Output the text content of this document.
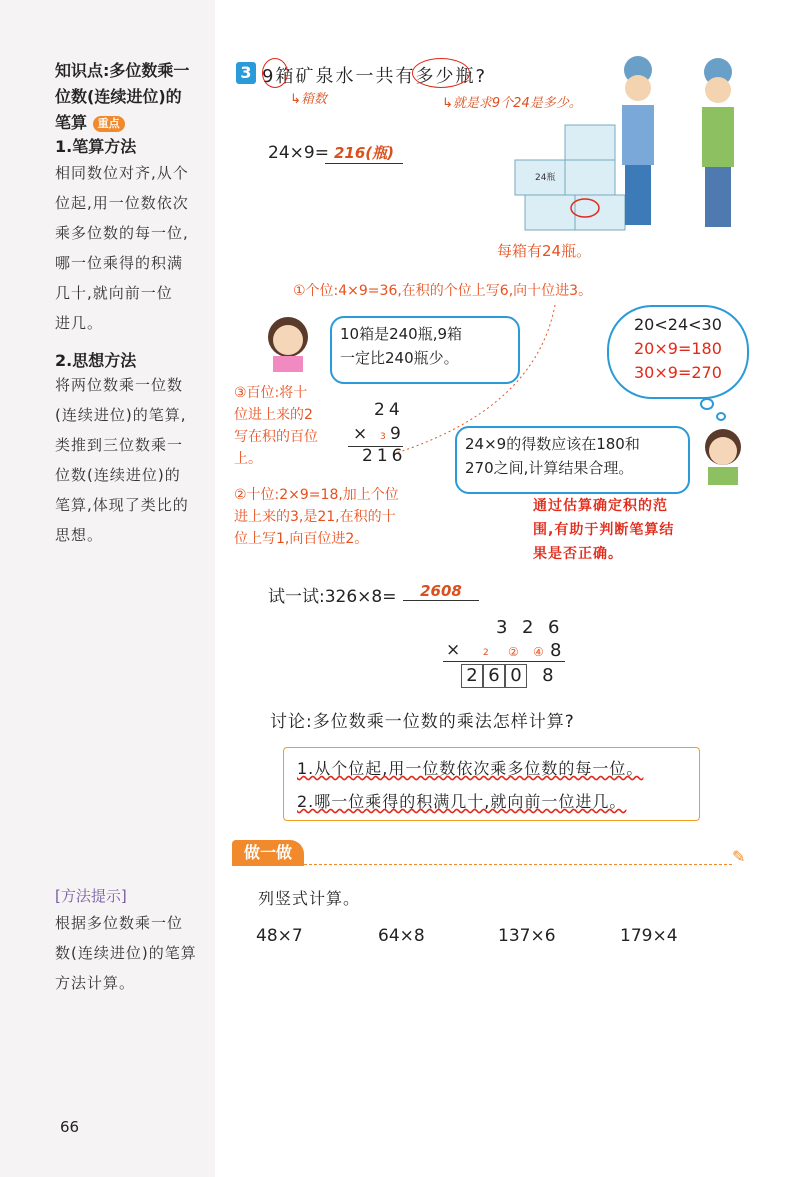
知识点:多位数乘一
位数(连续进位)的
笔算 重点
1.笔算方法
相同数位对齐,从个
位起,用一位数依次
乘多位数的每一位,
哪一位乘得的积满
几十,就向前一位
进几。
2.思想方法
将两位数乘一位数
(连续进位)的笔算,
类推到三位数乘一
位数(连续进位)的
笔算,体现了类比的
思想。
[方法提示]
根据多位数乘一位
数(连续进位)的笔算
方法计算。
66
3 9箱矿泉水一共有多少瓶?
↳箱数	↳就是求9个24是多少。
24×9= 216(瓶)
24瓶
每箱有24瓶。
①个位:4×9=36,在积的个位上写6,向十位进3。
10箱是240瓶,9箱
一定比240瓶少。
20<24<30
20×9=180
30×9=270
③百位:将十
位进上来的2
写在积的百位
上。
24
× 3 9
216
24×9的得数应该在180和
270之间,计算结果合理。
②十位:2×9=18,加上个位
进上来的3,是21,在积的十
位上写1,向百位进2。
通过估算确定积的范
围,有助于判断笔算结
果是否正确。
试一试:326×8=	2608
3 2 6
×	2 ② ④ 8
2 6 0 8
讨论:多位数乘一位数的乘法怎样计算?
1.从个位起,用一位数依次乘多位数的每一位。
2.哪一位乘得的积满几十,就向前一位进几。
做一做	✎
列竖式计算。
48×7	64×8	137×6	179×4
